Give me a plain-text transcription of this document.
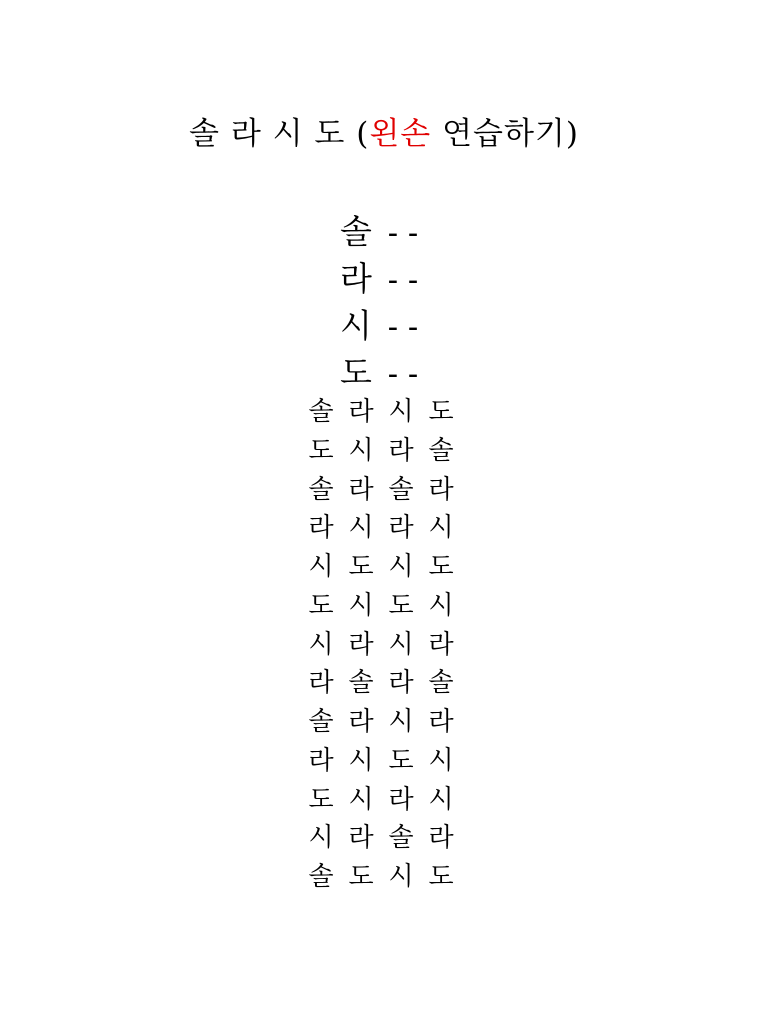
솔 라 시 도 (왼손 연습하기)
솔 --
라 --
시 --
도 --
솔 라 시 도
도 시 라 솔
솔 라 솔 라
라 시 라 시
시 도 시 도
도 시 도 시
시 라 시 라
라 솔 라 솔
솔 라 시 라
라 시 도 시
도 시 라 시
시 라 솔 라
솔 도 시 도
